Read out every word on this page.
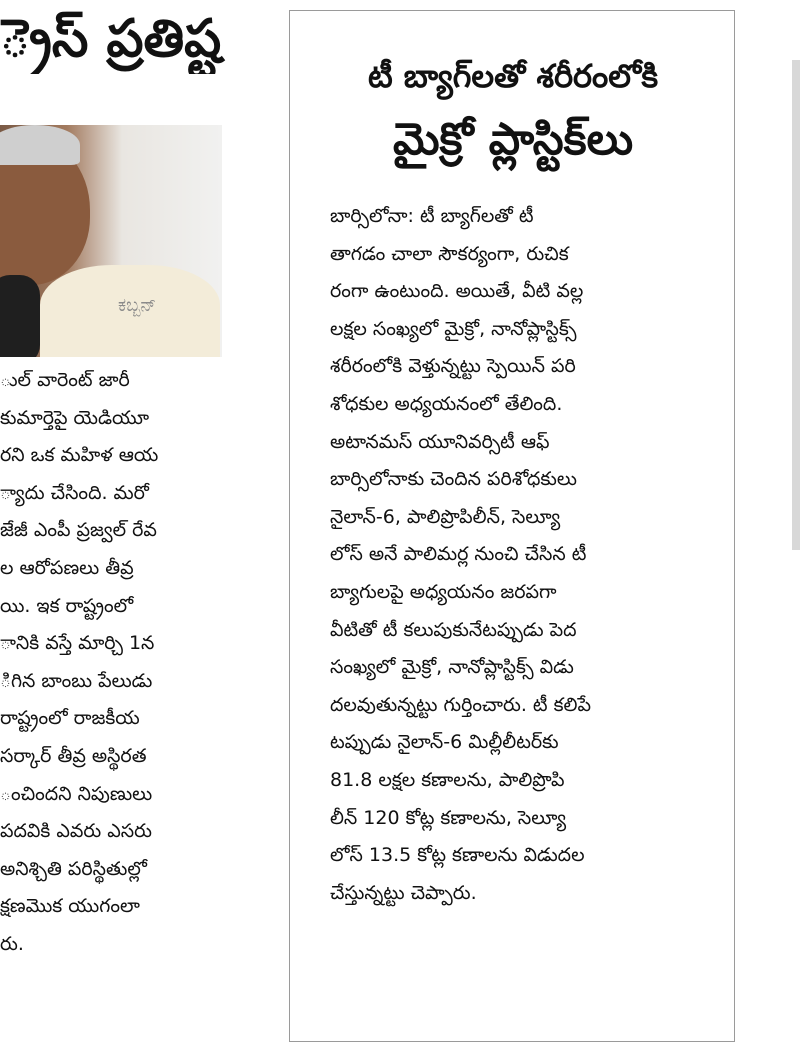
్రెస్ ప్రతిష్ట
ಕಬ್ಬನ್
ుల్ వారెంట్ జారీ
కుమార్తెపై యెడియూ
రని ఒక మహిళ ఆయ
్యాదు చేసింది. మరో
జేజీ ఎంపీ ప్రజ్వల్ రేవ
ల ఆరోపణలు తీవ్ర
యి. ఇక రాష్ట్రంలో
ానికి వస్తే మార్చి 1న
ిగిన బాంబు పేలుడు
రాష్ట్రంలో రాజకీయ
సర్కార్ తీవ్ర అస్థిరత
ంచిందని నిపుణులు
పదవికి ఎవరు ఎసరు
అనిశ్చితి పరిస్థితుల్లో
క్షణమొక యుగంలా
రు.
టీ బ్యాగ్‌లతో శరీరంలోకి
మైక్రో ప్లాస్టిక్‌లు
బార్సిలోనా: టీ బ్యాగ్‌లతో టీ
తాగడం చాలా సౌకర్యంగా, రుచిక
రంగా ఉంటుంది. అయితే, వీటి వల్ల
లక్షల సంఖ్యలో మైక్రో, నానోప్లాస్టిక్స్
శరీరంలోకి వెళ్తున్నట్టు స్పెయిన్ పరి
శోధకుల అధ్యయనంలో తేలింది.
అటానమస్ యూనివర్సిటీ ఆఫ్
బార్సిలోనాకు చెందిన పరిశోధకులు
నైలాన్-6, పాలిప్రొపిలీన్, సెల్యూ
లోస్ అనే పాలిమర్ల నుంచి చేసిన టీ
బ్యాగులపై అధ్యయనం జరపగా
వీటితో టీ కలుపుకునేటప్పుడు పెద
సంఖ్యలో మైక్రో, నానోప్లాస్టిక్స్ విడు
దలవుతున్నట్టు గుర్తించారు. టీ కలిపే
టప్పుడు నైలాన్-6 మిల్లీలీటర్‌కు
81.8 లక్షల కణాలను, పాలిప్రొపి
లీన్ 120 కోట్ల కణాలను, సెల్యూ
లోస్ 13.5 కోట్ల కణాలను విడుదల
చేస్తున్నట్టు చెప్పారు.
